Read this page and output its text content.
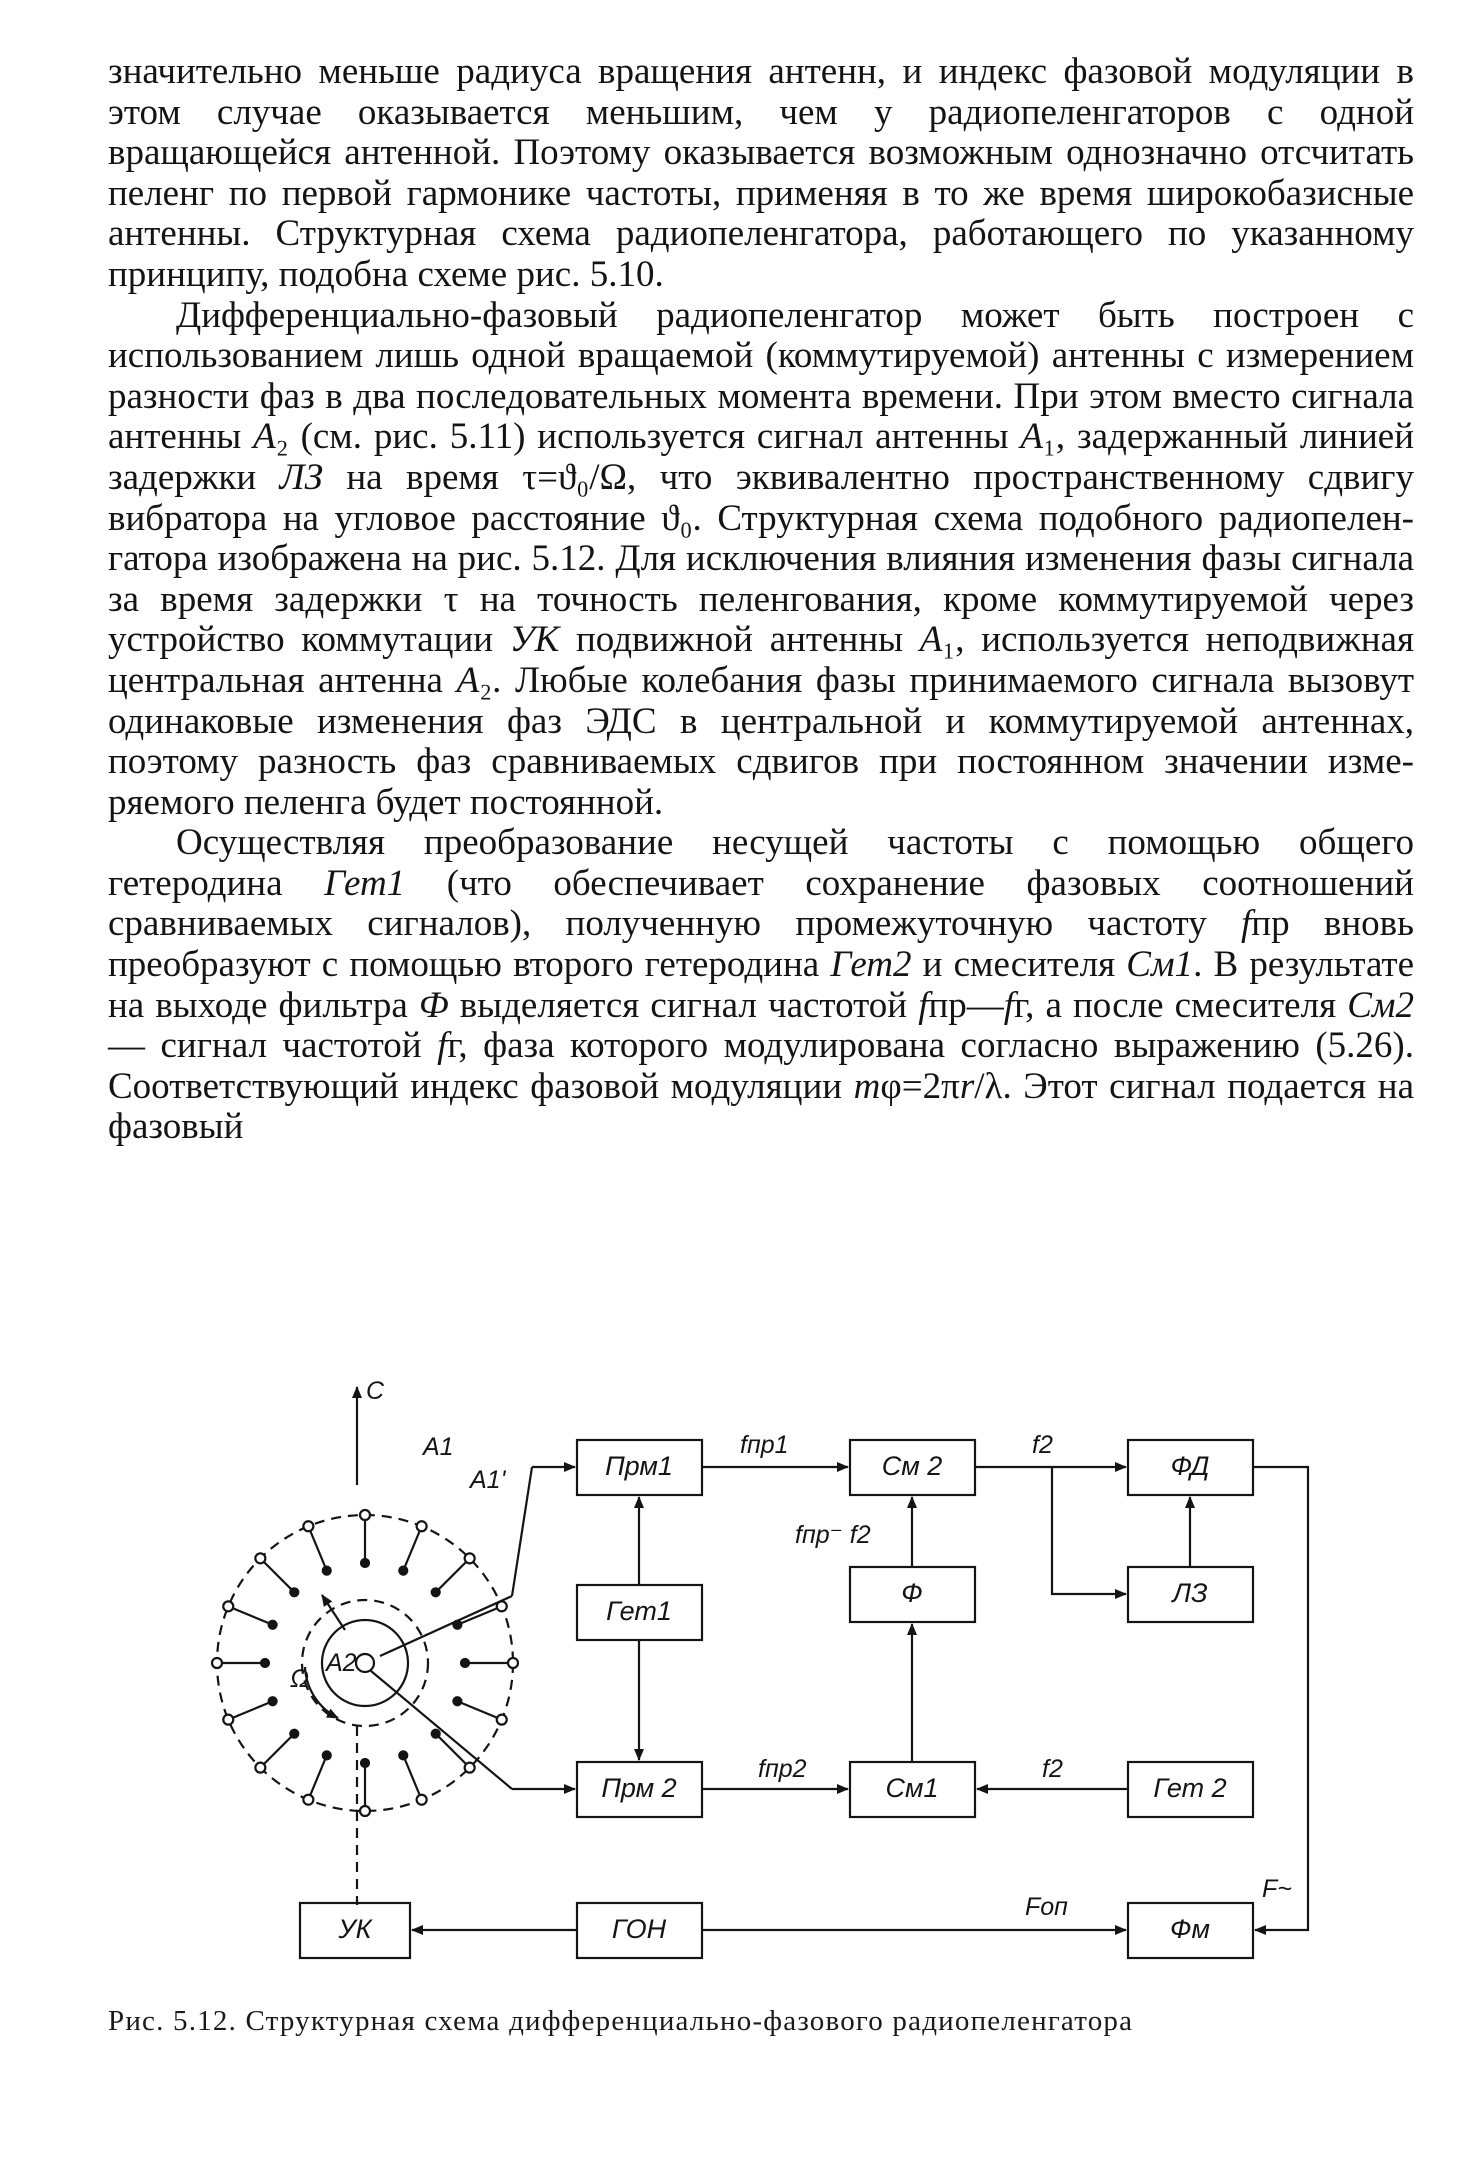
значительно меньше радиуса вращения антенн, и индекс фазовой модуляции в этом случае оказывается меньшим, чем у радиопеленгаторов с одной вращающейся антенной. Поэтому оказывается возможным однозначно отсчитать пеленг по первой гармонике частоты, применяя в то же время широкобазисные антенны. Структурная схема радиопеленгатора, работающего по указанному принципу, подобна схеме рис. 5.10.

Дифференциально-фазовый радиопеленгатор может быть построен с использованием лишь одной вращаемой (коммутируемой) антенны с измерением разности фаз в два последовательных момента времени. При этом вместо сигнала антенны A₂ (см. рис. 5.11) используется сигнал антенны A₁, задержанный линией задержки ЛЗ на время τ=ϑ₀/Ω, что эквивалентно пространственному сдвигу вибратора на угловое расстояние ϑ₀. Структурная схема подобного радиопеленгатора изображена на рис. 5.12. Для исключения влияния изменения фазы сигнала за время задержки τ на точность пеленгования, кроме коммутируемой через устройство коммутации УК подвижной антенны A₁, используется неподвижная центральная антенна A₂. Любые колебания фазы принимаемого сигнала вызовут одинаковые изменения фаз ЭДС в центральной и коммутируемой антеннах, поэтому разность фаз сравниваемых сдвигов при постоянном значении измеряемого пеленга будет постоянной.

Осуществляя преобразование несущей частоты с помощью общего гетеродина Гет1 (что обеспечивает сохранение фазовых соотношений сравниваемых сигналов), полученную промежуточную частоту fпр вновь преобразуют с помощью второго гетеродина Гет2 и смесителя См1. В результате на выходе фильтра Ф выделяется сигнал частотой fпр—fг, а после смесителя См2 — сигнал частотой fг, фаза которого модулирована согласно выражению (5.26). Соответствующий индекс фазовой модуляции mφ=2πr/λ. Этот сигнал подается на фазовый

Прм1
Гет1
Прм 2
См 2
Ф
См1
ФД
ЛЗ
Гет 2
УК	ГОН	Фм
С
A1
A1'
A2
Ω
fпр1	f2
fпр⁻ f2
fпр2	f2
Fоп
F~
Рис. 5.12. Структурная схема дифференциально-фазового радиопеленгатора
